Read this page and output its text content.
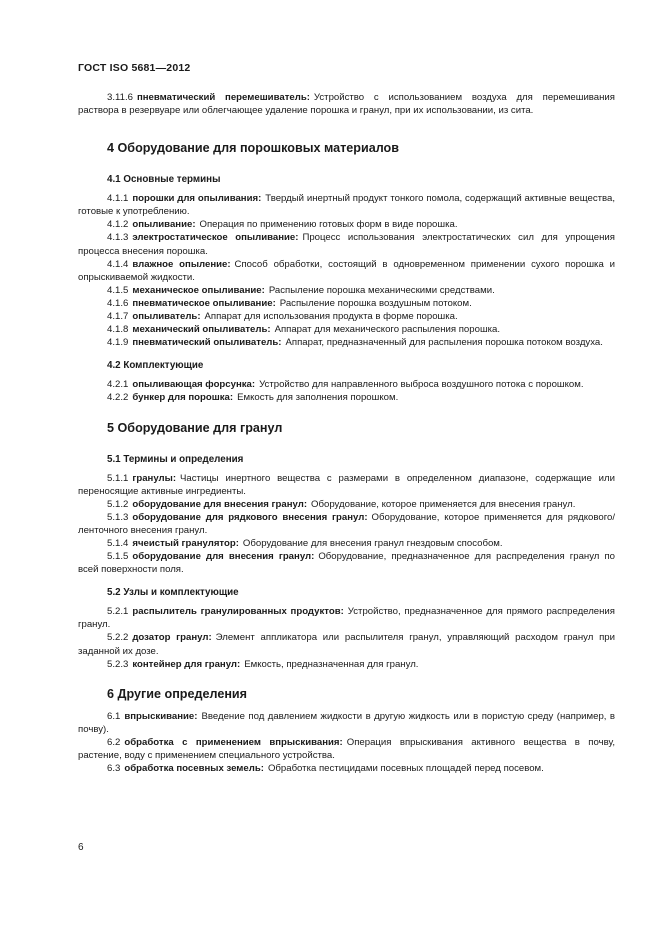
ГОСТ ISO 5681—2012

3.11.6 пневматический перемешиватель: Устройство с использованием воздуха для перемешивания раствора в резервуаре или облегчающее удаление порошка и гранул, при их использовании, из сита.

4 Оборудование для порошковых материалов
4.1 Основные термины

4.1.1 порошки для опыливания: Твердый инертный продукт тонкого помола, содержащий активные вещества, готовые к употреблению.

4.1.2 опыливание: Операция по применению готовых форм в виде порошка.

4.1.3 электростатическое опыливание: Процесс использования электростатических сил для упрощения процесса внесения порошка.

4.1.4 влажное опыление: Способ обработки, состоящий в одновременном применении сухого порошка и опрыскиваемой жидкости.

4.1.5 механическое опыливание: Распыление порошка механическими средствами.

4.1.6 пневматическое опыливание: Распыление порошка воздушным потоком.

4.1.7 опыливатель: Аппарат для использования продукта в форме порошка.

4.1.8 механический опыливатель: Аппарат для механического распыления порошка.

4.1.9 пневматический опыливатель: Аппарат, предназначенный для распыления порошка потоком воздуха.

4.2 Комплектующие

4.2.1 опыливающая форсунка: Устройство для направленного выброса воздушного потока с порошком.

4.2.2 бункер для порошка: Емкость для заполнения порошком.

5 Оборудование для гранул
5.1 Термины и определения

5.1.1 гранулы: Частицы инертного вещества с размерами в определенном диапазоне, содержащие или переносящие активные ингредиенты.

5.1.2 оборудование для внесения гранул: Оборудование, которое применяется для внесения гранул.

5.1.3 оборудование для рядкового внесения гранул: Оборудование, которое применяется для рядкового/ленточного внесения гранул.

5.1.4 ячеистый гранулятор: Оборудование для внесения гранул гнездовым способом.

5.1.5 оборудование для внесения гранул: Оборудование, предназначенное для распределения гранул по всей поверхности поля.

5.2 Узлы и комплектующие

5.2.1 распылитель гранулированных продуктов: Устройство, предназначенное для прямого распределения гранул.

5.2.2 дозатор гранул: Элемент аппликатора или распылителя гранул, управляющий расходом гранул при заданной их дозе.

5.2.3 контейнер для гранул: Емкость, предназначенная для гранул.

6 Другие определения

6.1 впрыскивание: Введение под давлением жидкости в другую жидкость или в пористую среду (например, в почву).

6.2 обработка с применением впрыскивания: Операция впрыскивания активного вещества в почву, растение, воду с применением специального устройства.

6.3 обработка посевных земель: Обработка пестицидами посевных площадей перед посевом.

6
